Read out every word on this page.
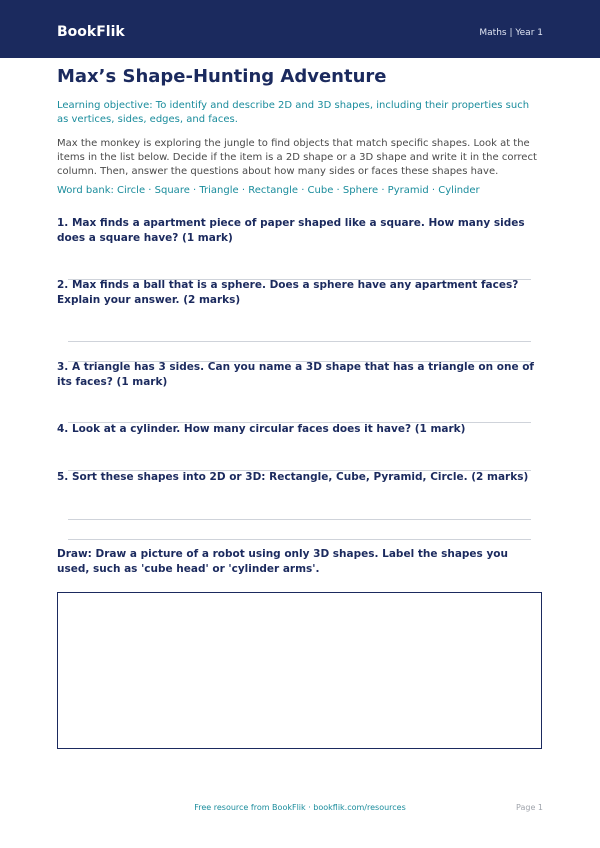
BookFlik	Maths | Year 1
Max’s Shape-Hunting Adventure

Learning objective: To identify and describe 2D and 3D shapes, including their properties such as vertices, sides, edges, and faces.

Max the monkey is exploring the jungle to find objects that match specific shapes. Look at the items in the list below. Decide if the item is a 2D shape or a 3D shape and write it in the correct column. Then, answer the questions about how many sides or faces these shapes have.

Word bank: Circle · Square · Triangle · Rectangle · Cube · Sphere · Pyramid · Cylinder

1. Max finds a apartment piece of paper shaped like a square. How many sides does a square have? (1 mark)

2. Max finds a ball that is a sphere. Does a sphere have any apartment faces? Explain your answer. (2 marks)

3. A triangle has 3 sides. Can you name a 3D shape that has a triangle on one of its faces? (1 mark)

4. Look at a cylinder. How many circular faces does it have? (1 mark)

5. Sort these shapes into 2D or 3D: Rectangle, Cube, Pyramid, Circle. (2 marks)

Draw: Draw a picture of a robot using only 3D shapes. Label the shapes you used, such as 'cube head' or 'cylinder arms'.

Free resource from BookFlik · bookflik.com/resources	Page 1
